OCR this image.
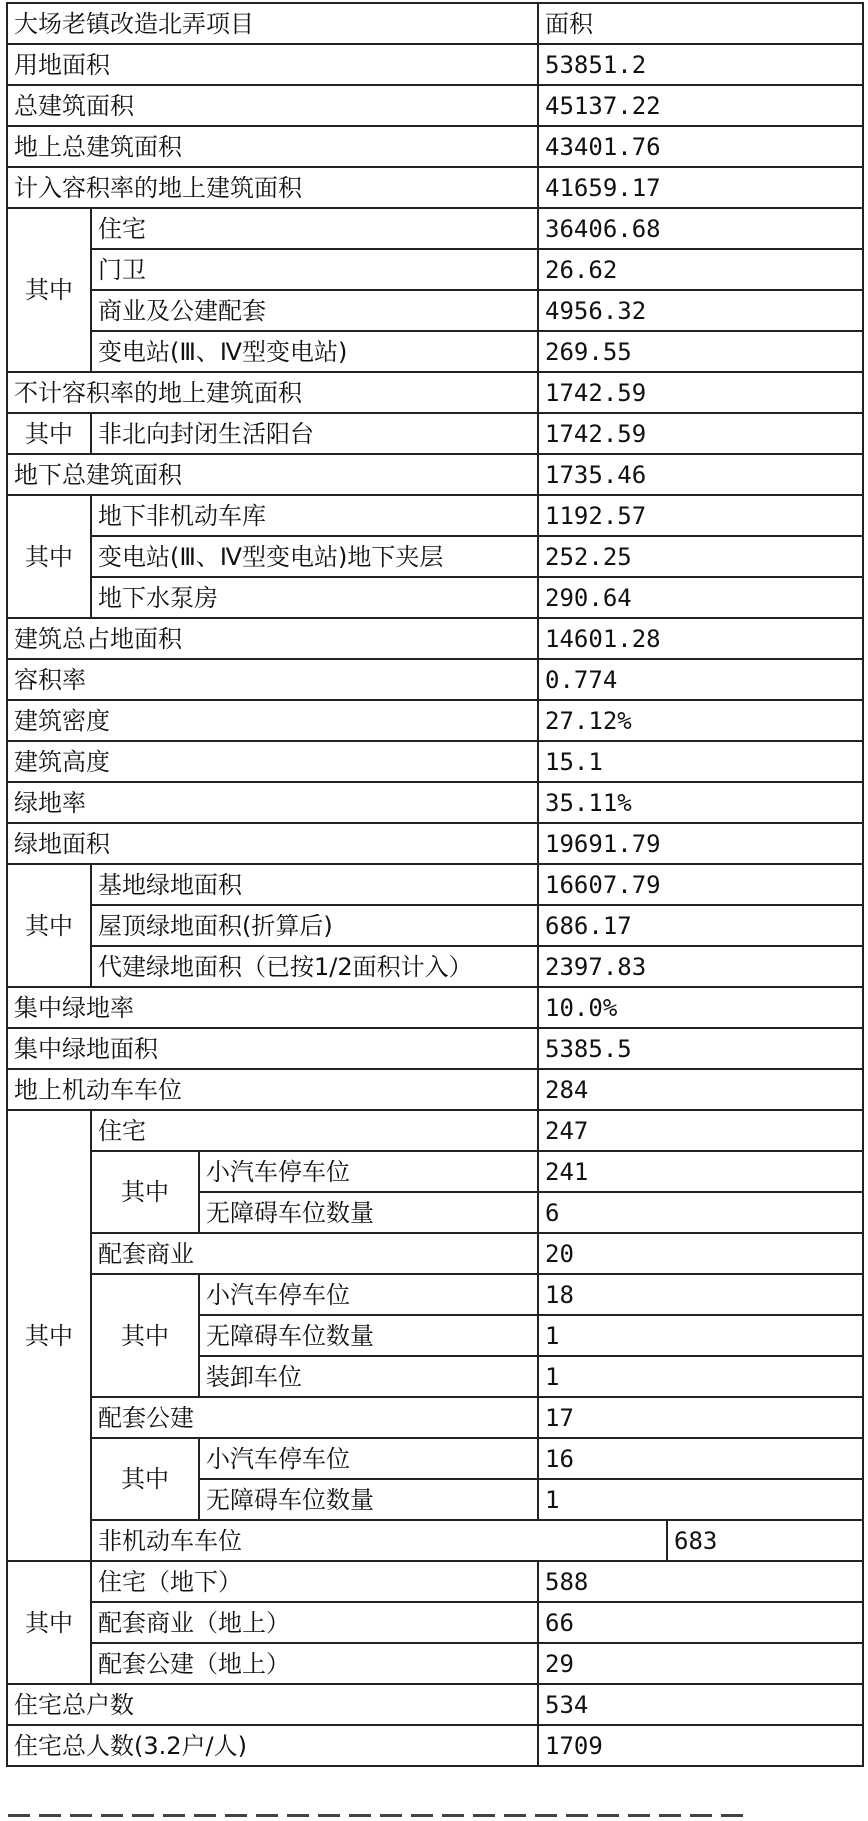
大场老镇改造北弄项目			面积	
用地面积			53851.2	
总建筑面积			45137.22	
地上总建筑面积			43401.76	
计入容积率的地上建筑面积			41659.17	
其中	住宅		36406.68	
	门卫		26.62	
	商业及公建配套		4956.32	
	变电站(Ⅲ、Ⅳ型变电站)		269.55	
不计容积率的地上建筑面积			1742.59	
其中	非北向封闭生活阳台		1742.59	
地下总建筑面积			1735.46	
其中	地下非机动车库		1192.57	
	变电站(Ⅲ、Ⅳ型变电站)地下夹层		252.25	
	地下水泵房		290.64	
建筑总占地面积			14601.28	
容积率			0.774	
建筑密度			27.12%	
建筑高度			15.1	
绿地率			35.11%	
绿地面积			19691.79	
其中	基地绿地面积		16607.79	
	屋顶绿地面积(折算后)		686.17	
	代建绿地面积（已按1/2面积计入）		2397.83	
集中绿地率			10.0%	
集中绿地面积			5385.5	
地上机动车车位			284	
其中	住宅		247	
	其中	小汽车停车位	241	
		无障碍车位数量	6	
	配套商业		20	
	其中	小汽车停车位	18	
		无障碍车位数量	1	
		装卸车位	1	
	配套公建		17	
	其中	小汽车停车位	16	
		无障碍车位数量	1	
	非机动车车位			683	
其中	住宅（地下）		588	
	配套商业（地上）		66	
	配套公建（地上）		29	
住宅总户数			534	
住宅总人数(3.2户/人)			1709	
